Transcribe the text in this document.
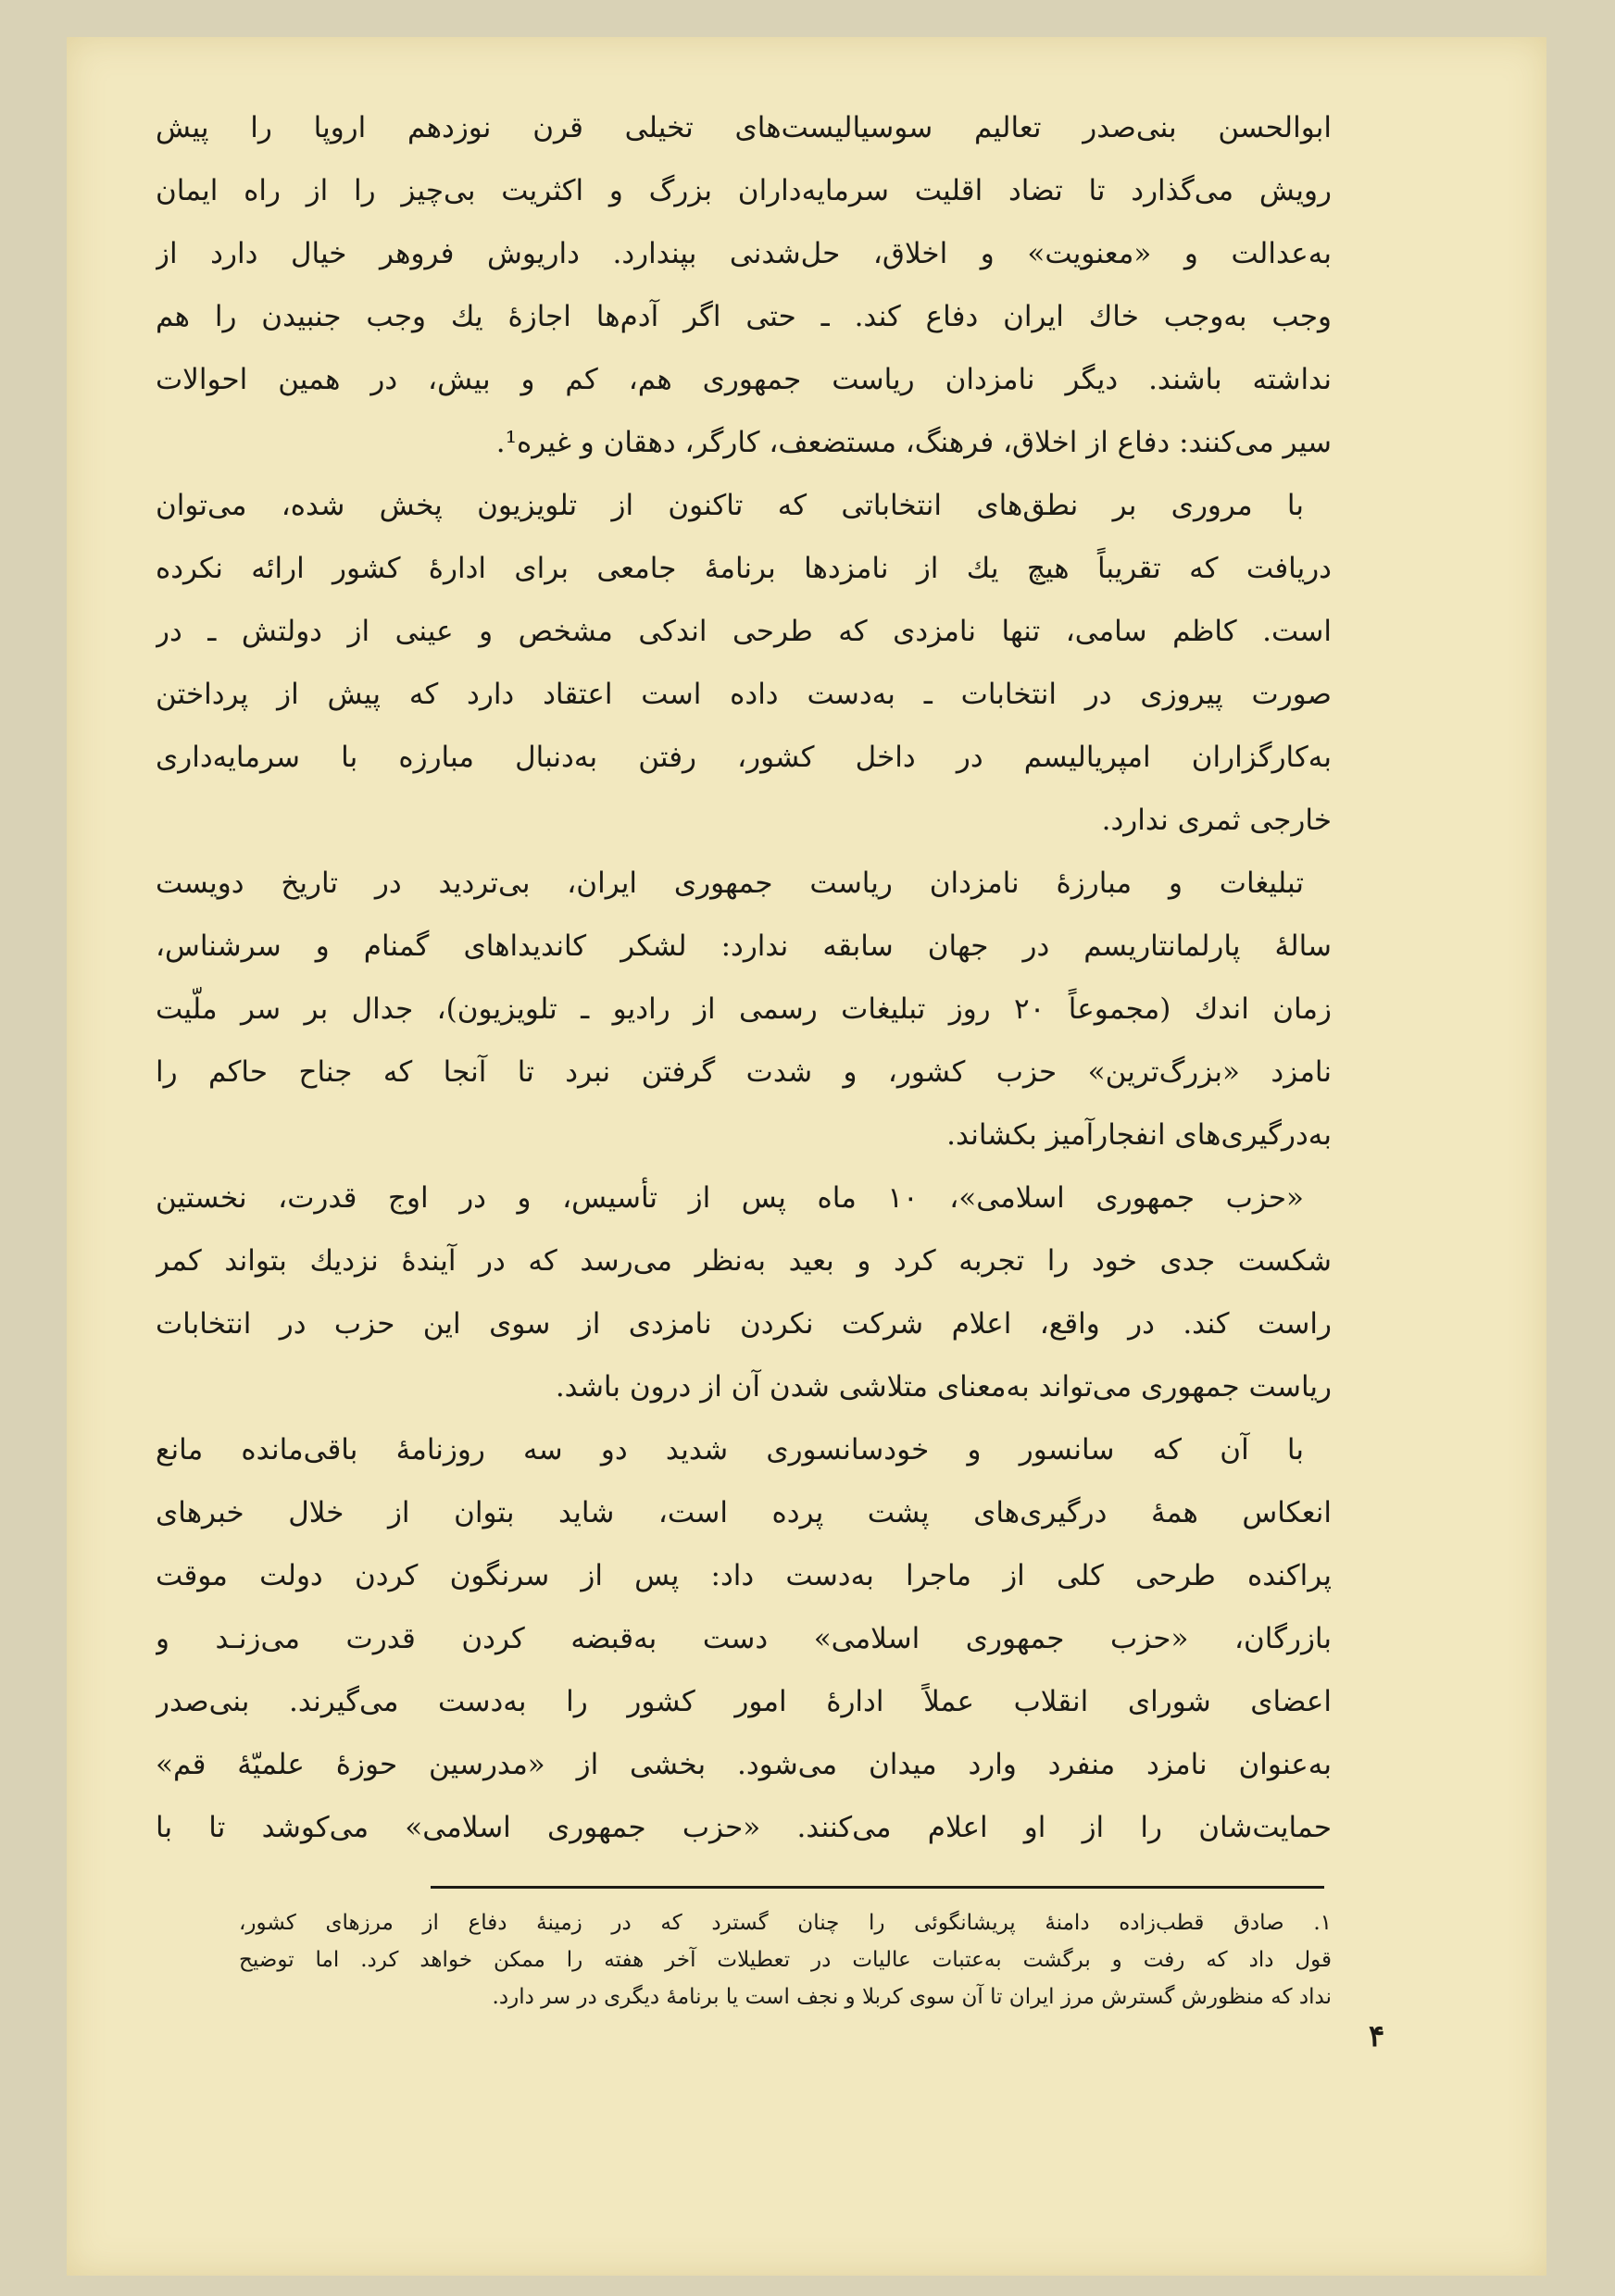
ابوالحسن بنی‌صدر تعالیم سوسیالیست‌های تخیلی قرن نوزدهم اروپا را پیش
رویش می‌گذارد تا تضاد اقلیت سرمایه‌داران بزرگ و اکثریت بی‌چیز را از راه ایمان
به‌عدالت و «معنویت» و اخلاق، حل‌شدنی بپندارد. داریوش فروهر خیال دارد از
وجب به‌وجب خاك ایران دفاع کند. ـ حتی اگر آدم‌ها اجازهٔ یك وجب جنبیدن را هم
نداشته باشند. دیگر نامزدان ریاست جمهوری هم، کم و بیش، در همین احوالات
سیر می‌کنند: دفاع از اخلاق، فرهنگ، مستضعف، کارگر، دهقان و غیره¹.
با مروری بر نطق‌های انتخاباتی که تاکنون از تلویزیون پخش شده، می‌توان
دریافت که تقریباً هیچ یك از نامزدها برنامهٔ جامعی برای ادارهٔ کشور ارائه نکرده
است. کاظم سامی، تنها نامزدی که طرحی اندکی مشخص و عینی از دولتش ـ در
صورت پیروزی در انتخابات ـ به‌دست داده است اعتقاد دارد که پیش از پرداختن
به‌کارگزاران امپریالیسم در داخل کشور، رفتن به‌دنبال مبارزه با سرمایه‌داری
خارجی ثمری ندارد.
تبلیغات و مبارزهٔ نامزدان ریاست جمهوری ایران، بی‌تردید در تاریخ دویست
سالهٔ پارلمانتاریسم در جهان سابقه ندارد: لشکر کاندیداهای گمنام و سرشناس،
زمان اندك (مجموعاً ۲۰ روز تبلیغات رسمی از رادیو ـ تلویزیون)، جدال بر سر ملّیت
نامزد «بزرگ‌ترین» حزب کشور، و شدت گرفتن نبرد تا آنجا که جناح حاکم را
به‌درگیری‌های انفجارآمیز بکشاند.
«حزب جمهوری اسلامی»، ۱۰ ماه پس از تأسیس، و در اوج قدرت، نخستین
شکست جدی خود را تجربه کرد و بعید به‌نظر می‌رسد که در آیندهٔ نزدیك بتواند کمر
راست کند. در واقع، اعلام شرکت نکردن نامزدی از سوی این حزب در انتخابات
ریاست جمهوری می‌تواند به‌معنای متلاشی شدن آن از درون باشد.
با آن که سانسور و خودسانسوری شدید دو سه روزنامهٔ باقی‌مانده مانع
انعکاس همهٔ درگیری‌های پشت پرده است، شاید بتوان از خلال خبرهای
پراکنده طرحی کلی از ماجرا به‌دست داد: پس از سرنگون کردن دولت موقت
بازرگان، «حزب جمهوری اسلامی» دست به‌قبضه کردن قدرت می‌زنـد و
اعضای شورای انقلاب عملاً ادارهٔ امور کشور را به‌دست می‌گیرند. بنی‌صدر
به‌عنوان نامزد منفرد وارد میدان می‌شود. بخشی از «مدرسین حوزهٔ علمیّهٔ قم»
حمایت‌شان را از او اعلام می‌کنند. «حزب جمهوری اسلامی» می‌کوشد تا با
۱. صادق قطب‌زاده دامنهٔ پریشانگوئی را چنان گسترد که در زمینهٔ دفاع از مرزهای کشور،
قول داد که رفت و برگشت به‌عتبات عالیات در تعطیلات آخر هفته را ممکن خواهد کرد. اما توضیح
نداد که منظورش گسترش مرز ایران تا آن سوی کربلا و نجف است یا برنامهٔ دیگری در سر دارد.
۴
